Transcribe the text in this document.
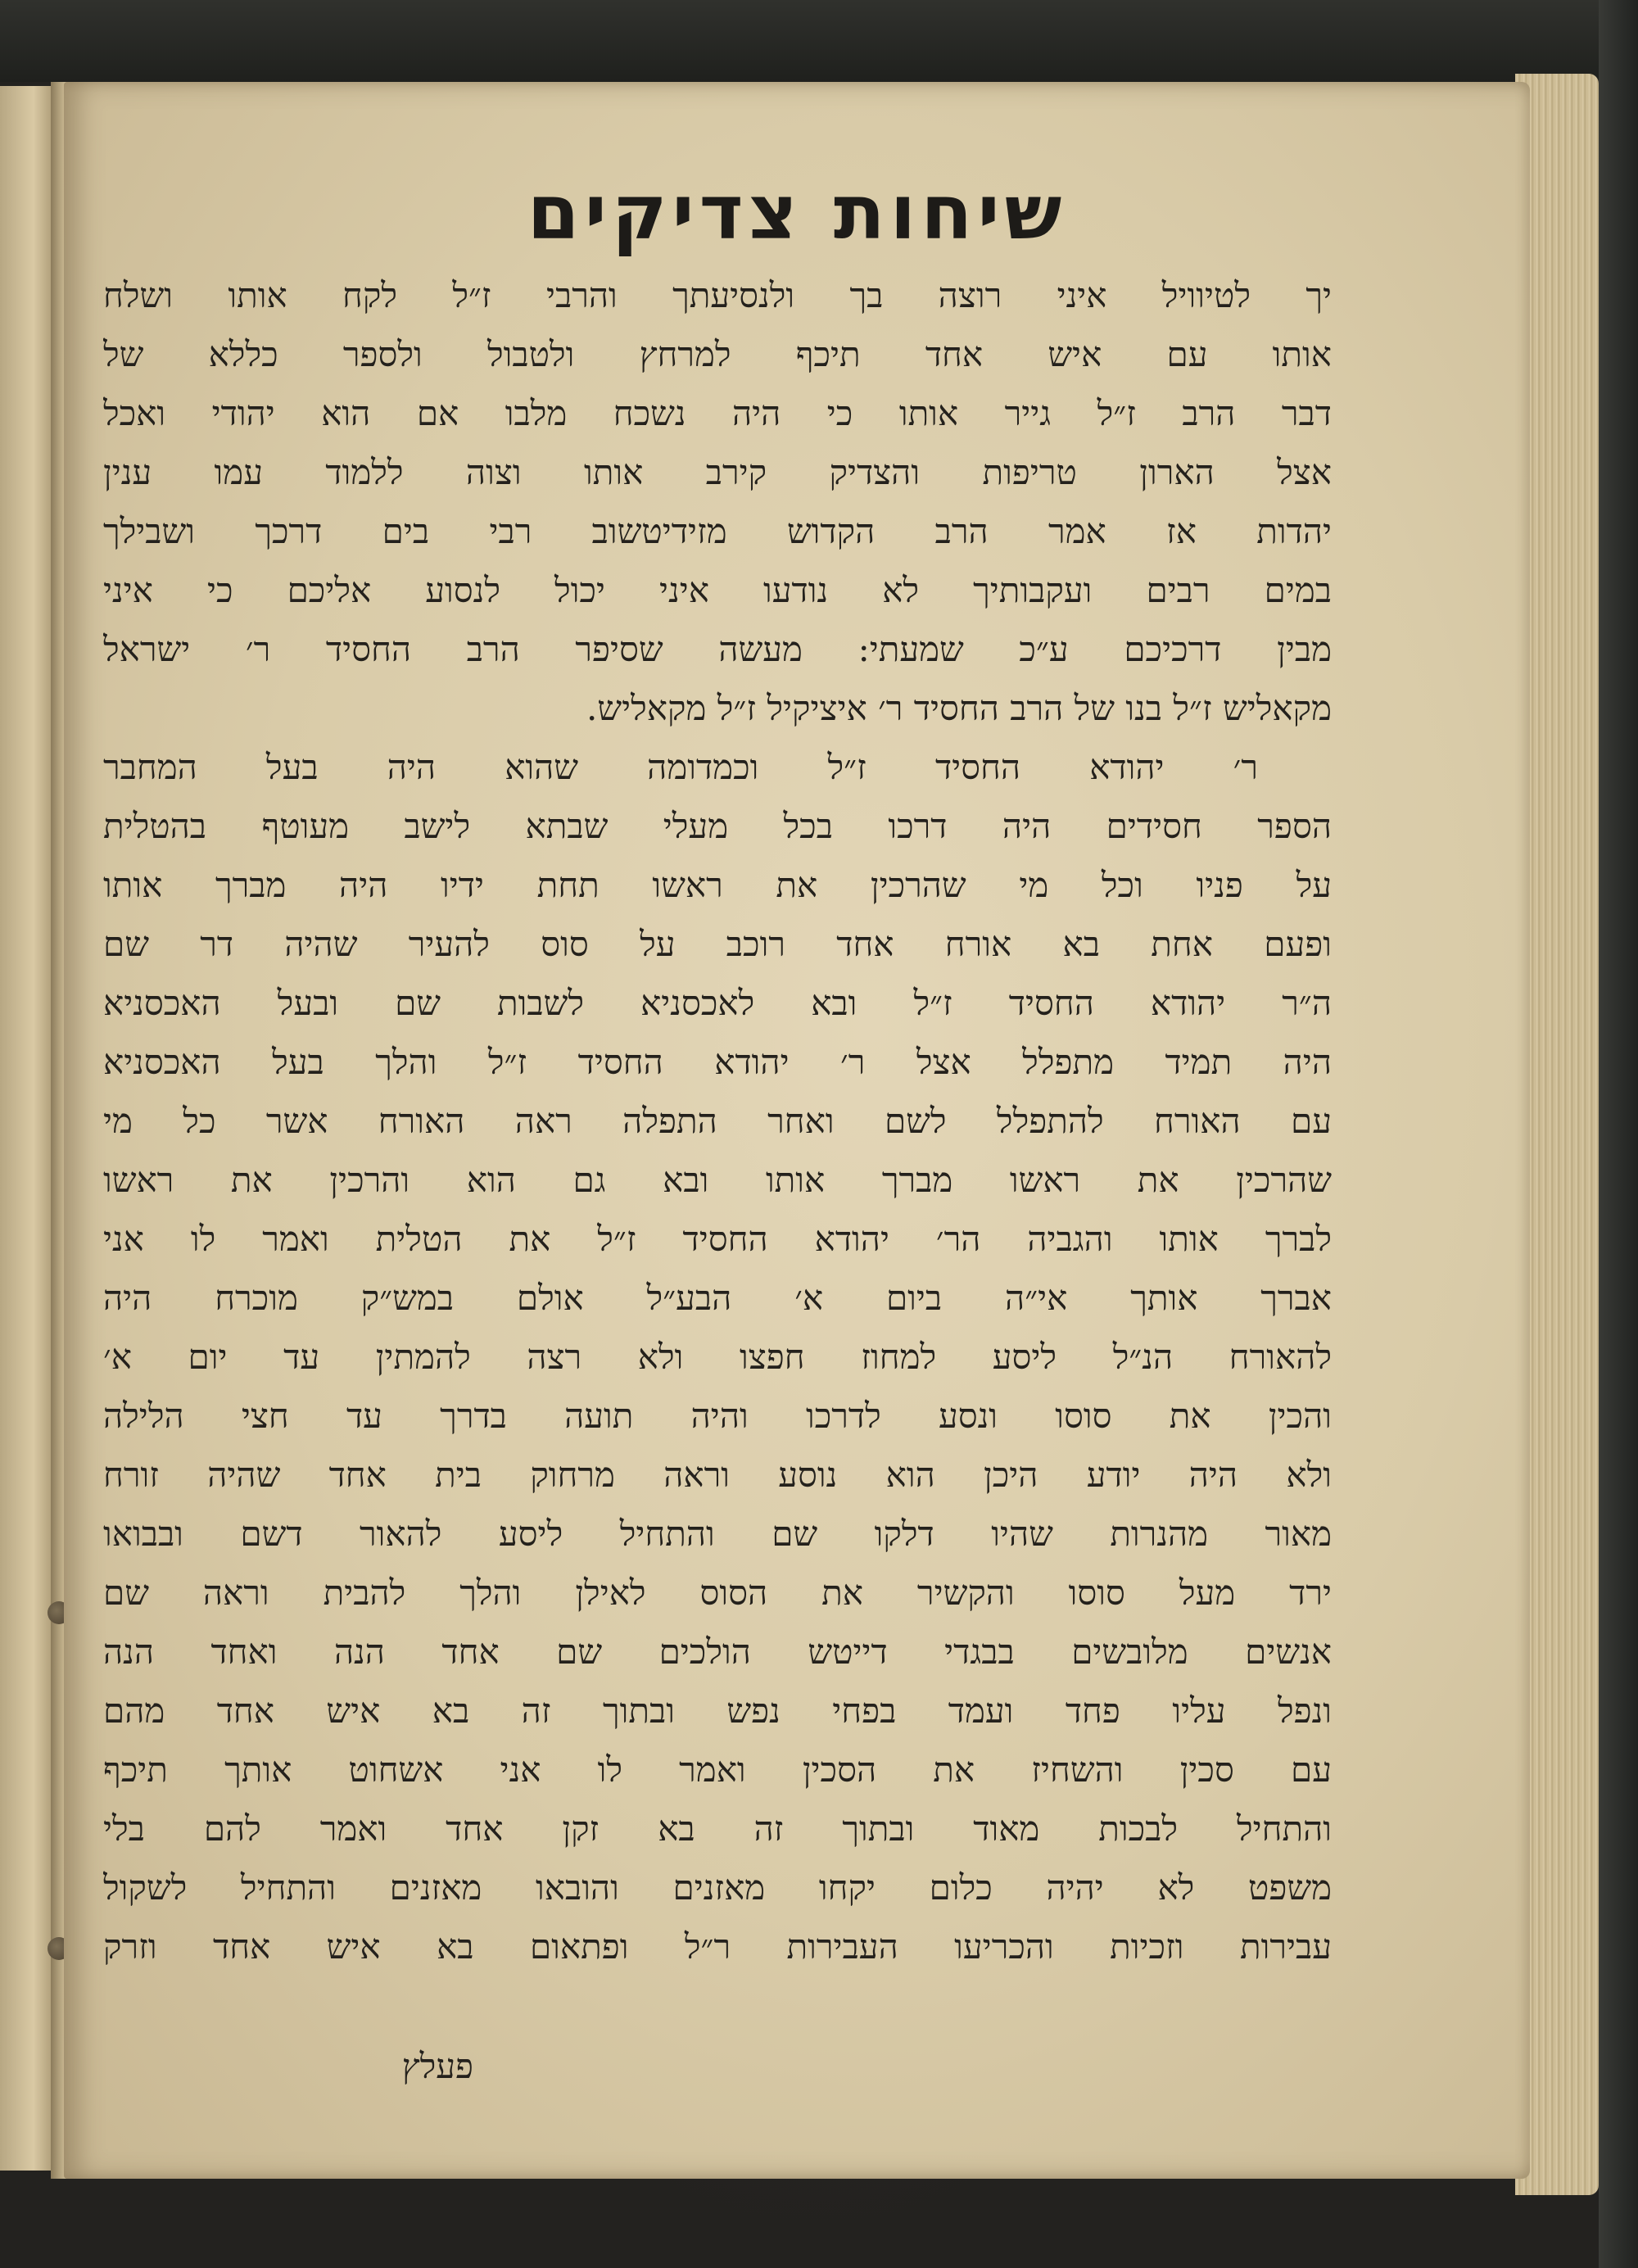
שיחות צדיקים
יך לטיוויל איני רוצה בך ולנסיעתך והרבי ז״ל לקח אותו ושלח
אותו עם איש אחד תיכף למרחץ ולטבול ולספר כללא של
דבר הרב ז״ל גייר אותו כי היה נשכח מלבו אם הוא יהודי ואכל
אצל הארון טריפות והצדיק קירב אותו וצוה ללמוד עמו ענין
יהדות אז אמר הרב הקדוש מזידיטשוב רבי בים דרכך ושבילך
במים רבים ועקבותיך לא נודעו איני יכול לנסוע אליכם כי איני
מבין דרכיכם ע״כ שמעתי: מעשה שסיפר הרב החסיד ר׳ ישראל
מקאליש ז״ל בנו של הרב החסיד ר׳ איציקיל ז״ל מקאליש.
ר׳ יהודא החסיד ז״ל וכמדומה שהוא היה בעל המחבר
הספר חסידים היה דרכו בכל מעלי שבתא לישב מעוטף בהטלית
על פניו וכל מי שהרכין את ראשו תחת ידיו היה מברך אותו
ופעם אחת בא אורח אחד רוכב על סוס להעיר שהיה דר שם
ה״ר יהודא החסיד ז״ל ובא לאכסניא לשבות שם ובעל האכסניא
היה תמיד מתפלל אצל ר׳ יהודא החסיד ז״ל והלך בעל האכסניא
עם האורח להתפלל לשם ואחר התפלה ראה האורח אשר כל מי
שהרכין את ראשו מברך אותו ובא גם הוא והרכין את ראשו
לברך אותו והגביה הר׳ יהודא החסיד ז״ל את הטלית ואמר לו אני
אברך אותך אי״ה ביום א׳ הבע״ל אולם במש״ק מוכרח היה
להאורח הנ״ל ליסע למחוז חפצו ולא רצה להמתין עד יום א׳
והכין את סוסו ונסע לדרכו והיה תועה בדרך עד חצי הלילה
ולא היה יודע היכן הוא נוסע וראה מרחוק בית אחד שהיה זורח
מאור מהנרות שהיו דלקו שם והתחיל ליסע להאור דשם ובבואו
ירד מעל סוסו והקשיר את הסוס לאילן והלך להבית וראה שם
אנשים מלובשים בבגדי דייטש הולכים שם אחד הנה ואחד הנה
ונפל עליו פחד ועמד בפחי נפש ובתוך זה בא איש אחד מהם
עם סכין והשחיז את הסכין ואמר לו אני אשחוט אותך תיכף
והתחיל לבכות מאוד ובתוך זה בא זקן אחד ואמר להם בלי
משפט לא יהיה כלום יקחו מאזנים והובאו מאזנים והתחיל לשקול
עבירות וזכיות והכריעו העבירות ר״ל ופתאום בא איש אחד וזרק
פעלץ
